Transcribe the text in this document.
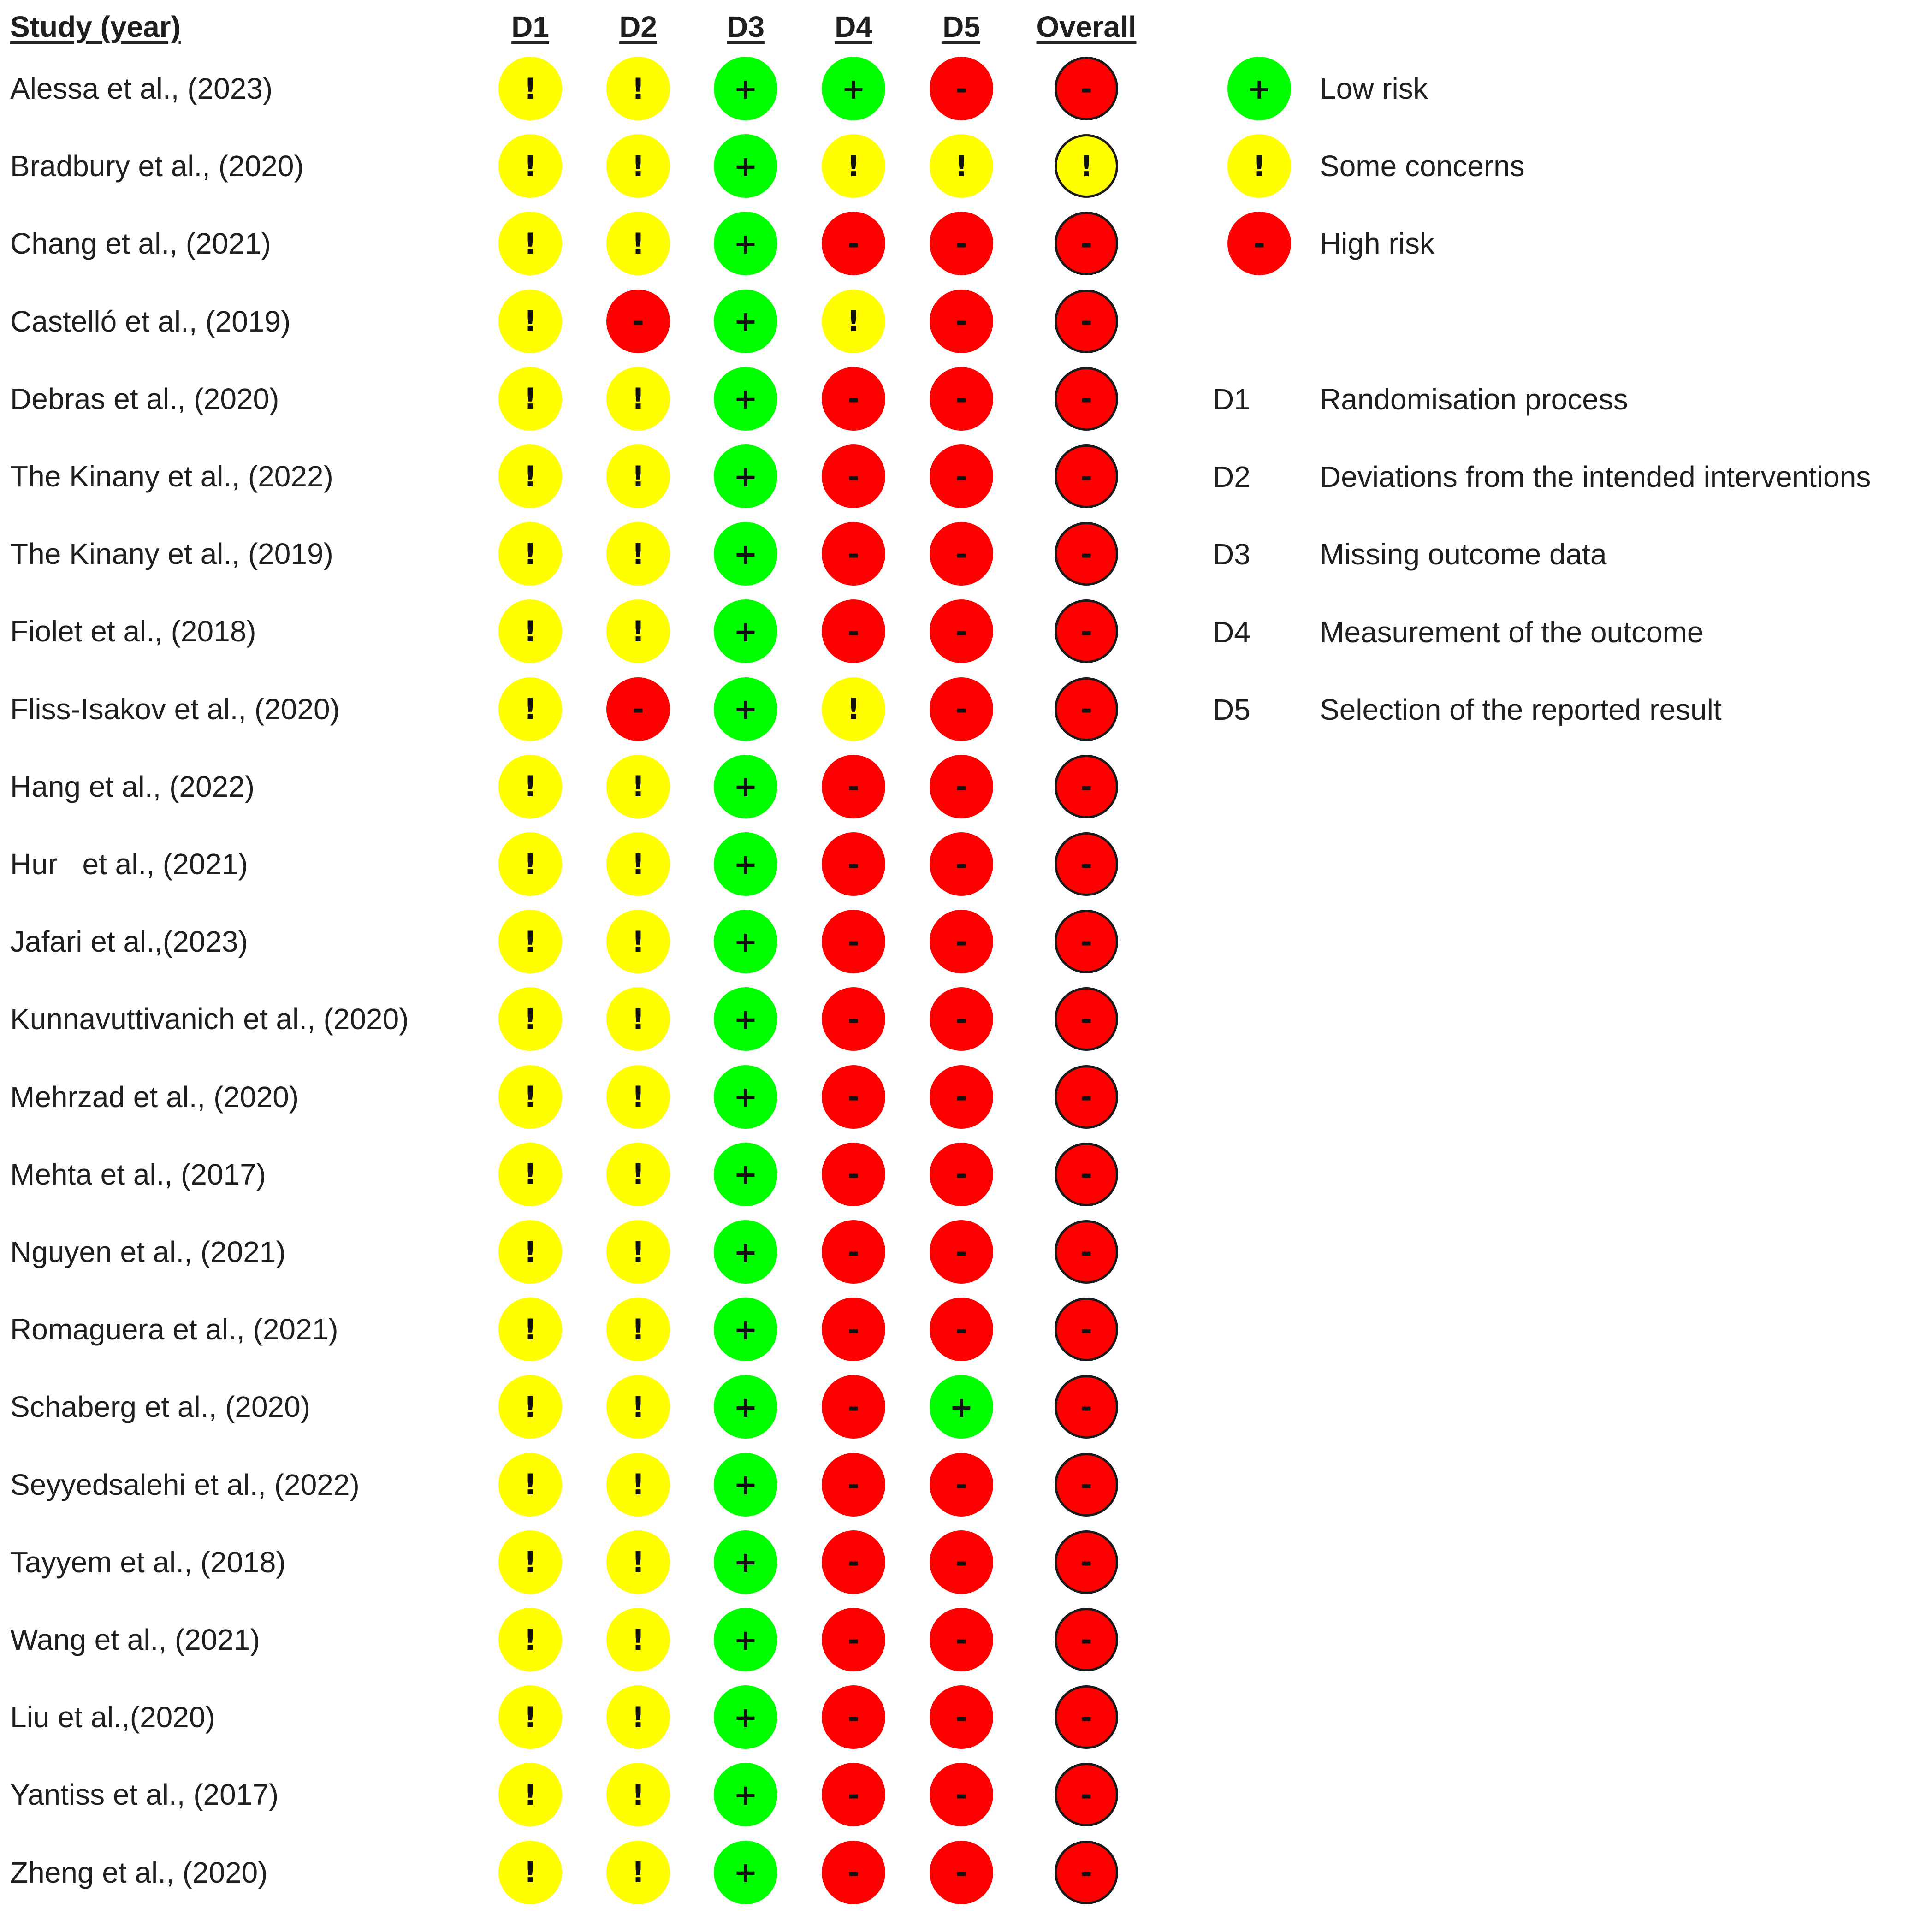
Study (year)	D1 D2 D3 D4 D5 Overall
Alessa et al., (2023)	!	!	+	+	-	-
Bradbury et al., (2020)	!	!	+	!	!	!
Chang et al., (2021)	!	!	+	-	-	-
Castelló et al., (2019)	!	-	+	!	-	-
Debras et al., (2020)	!	!	+	-	-	-
The Kinany et al., (2022)	!	!	+	-	-	-
The Kinany et al., (2019)	!	!	+	-	-	-
Fiolet et al., (2018)	!	!	+	-	-	-
Fliss-Isakov et al., (2020)	!	-	+	!	-	-
Hang et al., (2022)	!	!	+	-	-	-
Hur   et al., (2021)	!	!	+	-	-	-
Jafari et al.,(2023)	!	!	+	-	-	-
Kunnavuttivanich et al., (2020)	!	!	+	-	-	-
Mehrzad et al., (2020)	!	!	+	-	-	-
Mehta et al., (2017)	!	!	+	-	-	-
Nguyen et al., (2021)	!	!	+	-	-	-
Romaguera et al., (2021)	!	!	+	-	-	-
Schaberg et al., (2020)	!	!	+	-	+	-
Seyyedsalehi et al., (2022)	!	!	+	-	-	-
Tayyem et al., (2018)	!	!	+	-	-	-
Wang et al., (2021)	!	!	+	-	-	-
Liu et al.,(2020)	!	!	+	-	-	-
Yantiss et al., (2017)	!	!	+	-	-	-
Zheng et al., (2020)	!	!	+	-	-	-
+ Low risk
! Some concerns
- High risk
D1 Randomisation process
D2 Deviations from the intended interventions
D3 Missing outcome data
D4 Measurement of the outcome
D5 Selection of the reported result
